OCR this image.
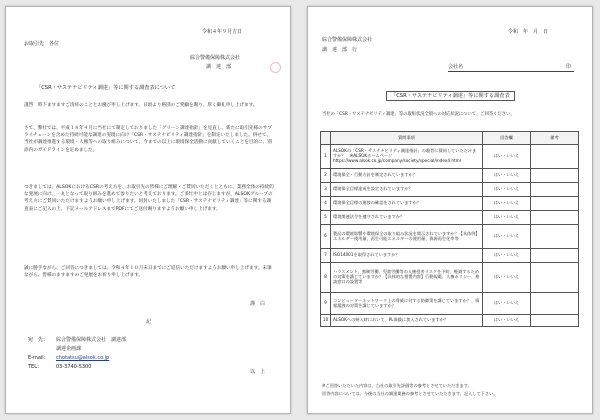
令和４年９月吉日
お取引先　各位
綜合警備保障株式会社
調　達　部
「CSR・サステナビリティ調達」等に関する調査表について
謹啓　時下ますますご清祥のこととお慶び申し上げます。日頃より格別のご愛顧を賜り、厚く御礼申し上げます。
さて、弊社では、平成１８年４月に当社にて制定しておりました「グリーン調達指針」を見直し、新たに取引先様のサプライチェーンを含めた持続可能な調達の実現に向け「CSR・サステナビリティ調達指針」を制定いたしました。併せて、当社が調達推進する環境・人権等への取り組みについて、今までの以上に環境保全活動に貢献していくことを目的に、別添内のガイドラインを定めました。
つきましては、ALSOKにおけるCSRの考え方を、お取引先の皆様にご理解・ご賛同いただくとともに、業務全体の持続的な発展に向け、一丸となって取り組みを進めて参りたいと考えております。ご多忙中とは存じますが、ALSOKグループの考え方にご賛同いただけますようお願い申し上げます。同封いたしました「CSR・サステナビリティ調達」等に関する調査表にご記入の上、下記メールアドレスまでPDFにてご送付賜りますようお願い申し上げます。
誠に勝手ながら、ご回答につきましては、令和４年１０月末日までにご返信いただけますようお願い申し上げます。末筆ながら、皆様のますますのご発展をお祈り申し上げます。
謹　白
記
宛　先： 綜合警備保障株式会社　調達部
調達企画課
E-mail： chotatsu@alsok.co.jp
TEL：	03-3740-5300
以　上
令和　年　月　日
綜合警備保障株式会社
調　達　部　行
会社名	印
「CSR・サステナビリティ調達」等に関する調査表
当社の「CSR・サステナビリティ調達」等の取組状況全般への対応状況について、ご回答ください。
	質問事項	回答欄	備考
1	ALSOKの「CSR・サステナビリティ調達指針」の趣旨に賛同していただけますか？　※ALSOKホームページ https://www.alsok.co.jp/company/society/special/index4.html	はい・いいえ	
2	環境保全・行動方針を制定されていますか？	はい・いいえ	
3	環境保全目標達成を設定されていますか？	はい・いいえ	
4	環境保全目標の進捗の確認をされていますか？	はい・いいえ	
5	環境関連法令を遵守されていますか？	はい・いいえ	
6	製品の環境影響や環境保全の取り組み状況を開示されていますか？【具体例】エネルギー使用量、再生可能エネルギーの使用量、資源再生化率等	はい・いいえ	
7	ISO14001を取得されていますか？	はい・いいえ	
8	ハラスメント、強制労働、児童労働等の人権侵害リスクを予防、軽減するための対策を講じていますか？【具体的な措置内容】行動規範、人権ポリシー、相談窓口の設置等	はい・いいえ	
9	コンピューターネットワーク上の脅威に対する防御策を講じていますか？、情報漏洩の対策を講じていますか？	はい・いいえ	
10	ALSOKへの納入時において、PL保険に加入されていますか？	はい・いいえ	
※ご回答いただいた内容は、当社の取引先評価等の参考とさせていただきます。
回答内容については、今後の当社の調達業務の参考とさせていただきます。記入して下さい。
